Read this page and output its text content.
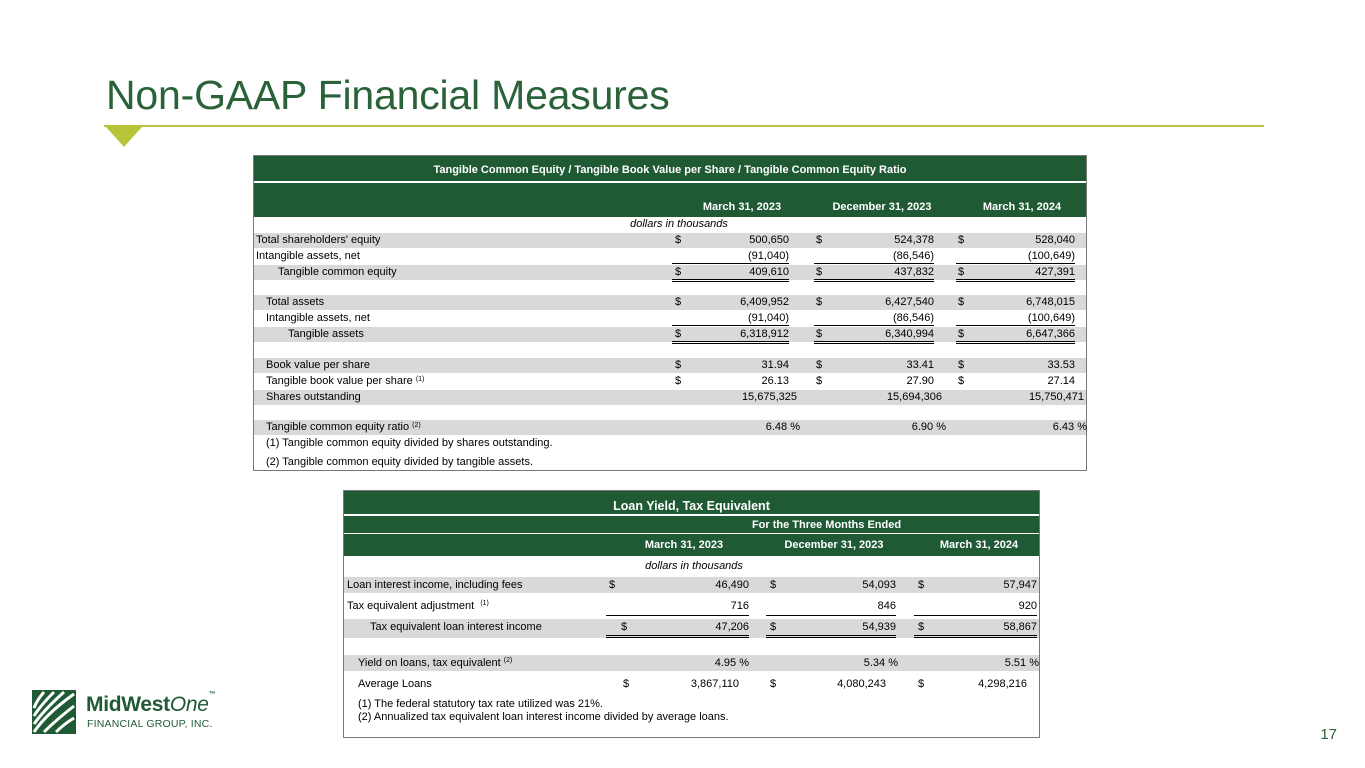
Non-GAAP Financial Measures
Tangible Common Equity / Tangible Book Value per Share / Tangible Common Equity Ratio
March 31, 2023	December 31, 2023	March 31, 2024
dollars in thousands
Total shareholders' equity	$	500,650 $	524,378 $	528,040
Intangible assets, net	(91,040)	(86,546)	(100,649)
Tangible common equity	$	409,610 $	437,832 $	427,391
Total assets	$	6,409,952 $	6,427,540 $	6,748,015
Intangible assets, net	(91,040)	(86,546)	(100,649)
Tangible assets	$	6,318,912 $	6,340,994 $	6,647,366
Book value per share	$	31.94 $	33.41 $	33.53
Tangible book value per share $^{(1)}$	$	26.13 $	27.90 $	27.14
Shares outstanding	15,675,325	15,694,306	15,750,471
Tangible common equity ratio $^{(2)}$	6.48 %	6.90 %	6.43 %
(1) Tangible common equity divided by shares outstanding.
(2) Tangible common equity divided by tangible assets.
Loan Yield, Tax Equivalent
For the Three Months Ended
March 31, 2023	December 31, 2023	March 31, 2024
dollars in thousands
Loan interest income, including fees	$	46,490 $	54,093 $	57,947
Tax equivalent adjustment $^{(1)}$	716	846	920
Tax equivalent loan interest income	$	47,206 $	54,939 $	58,867
Yield on loans, tax equivalent $^{(2)}$	4.95 %	5.34 %	5.51 %
Average Loans	$	3,867,110	$	4,080,243	$	4,298,216
(1) The federal statutory tax rate utilized was 21%.
(2) Annualized tax equivalent loan interest income divided by average loans.
MidWestOne™
FINANCIAL GROUP, INC.
17
